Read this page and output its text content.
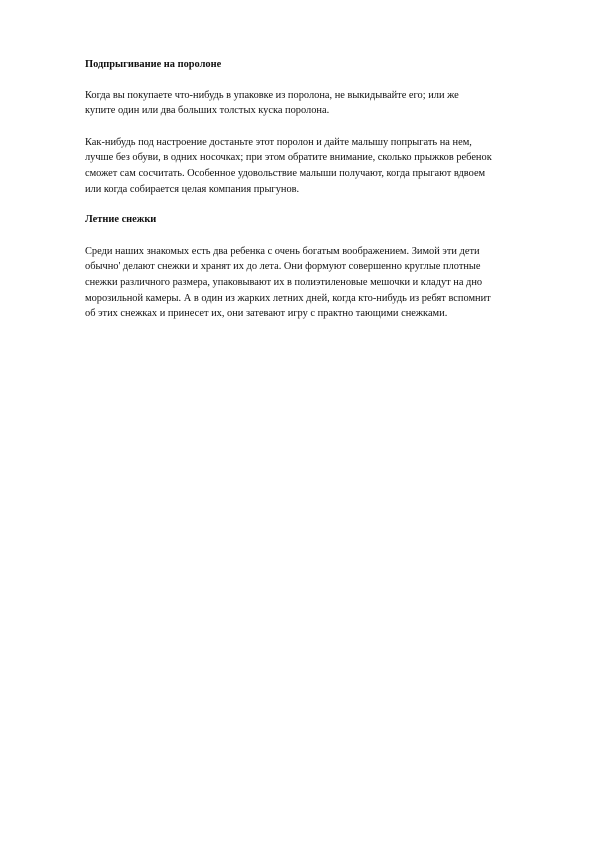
Подпрыгивание на поролоне

Когда вы покупаете что-нибудь в упаковке из поролона, не выкидывайте его; или же
купите один или два больших толстых куска поролона.

Как-нибудь под настроение достаньте этот поролон и дайте малышу попрыгать на нем,
лучше без обуви, в одних носочках; при этом обратите внимание, сколько прыжков ребенок
сможет сам сосчитать. Особенное удовольствие малыши получают, когда прыгают вдвоем
или когда собирается целая компания прыгунов.

Летние снежки

Среди наших знакомых есть два ребенка с очень богатым воображением. Зимой эти дети
обычно' делают снежки и хранят их до лета. Они формуют совершенно круглые плотные
снежки различного размера, упаковывают их в полиэтиленовые мешочки и кладут на дно
морозильной камеры. А в один из жарких летних дней, когда кто-нибудь из ребят вспомнит
об этих снежках и принесет их, они затевают игру с практно тающими снежками.
